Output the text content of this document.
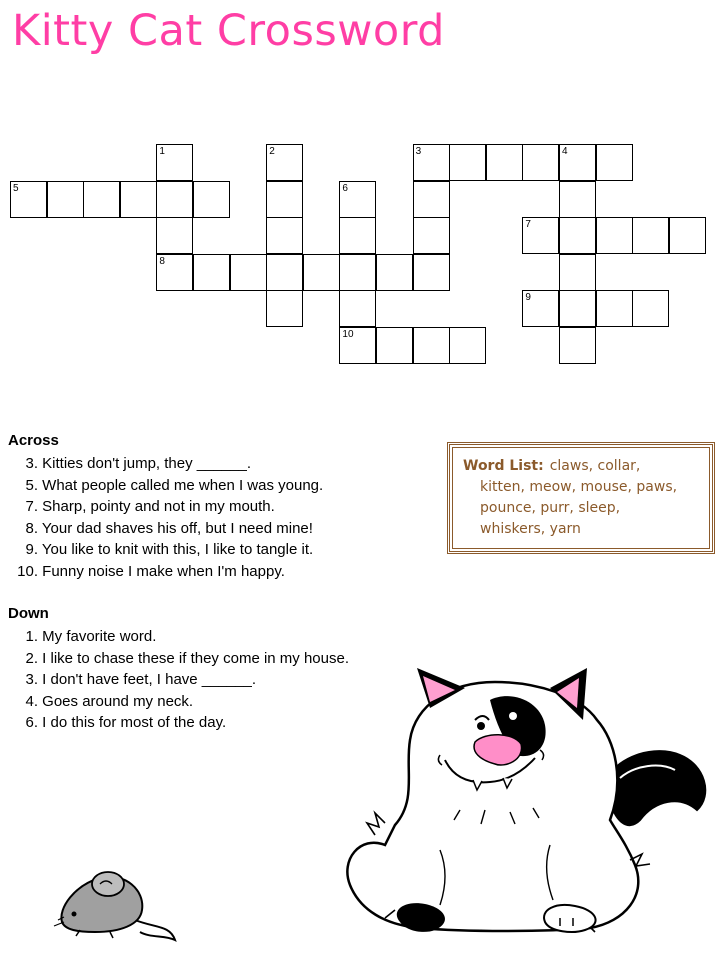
Kitty Cat Crossword
1	2	3	4
5	6
7
8
9
10
Across
3. Kitties don't jump, they ______.
5. What people called me when I was young.
7. Sharp, pointy and not in my mouth.
8. Your dad shaves his off, but I need mine!
9. You like to knit with this, I like to tangle it.
10. Funny noise I make when I'm happy.
Down
1. My favorite word.
2. I like to chase these if they come in my house.
3. I don't have feet, I have ______.
4. Goes around my neck.
6. I do this for most of the day.
Word List: claws, collar,
kitten, meow, mouse, paws,
pounce, purr, sleep,
whiskers, yarn
